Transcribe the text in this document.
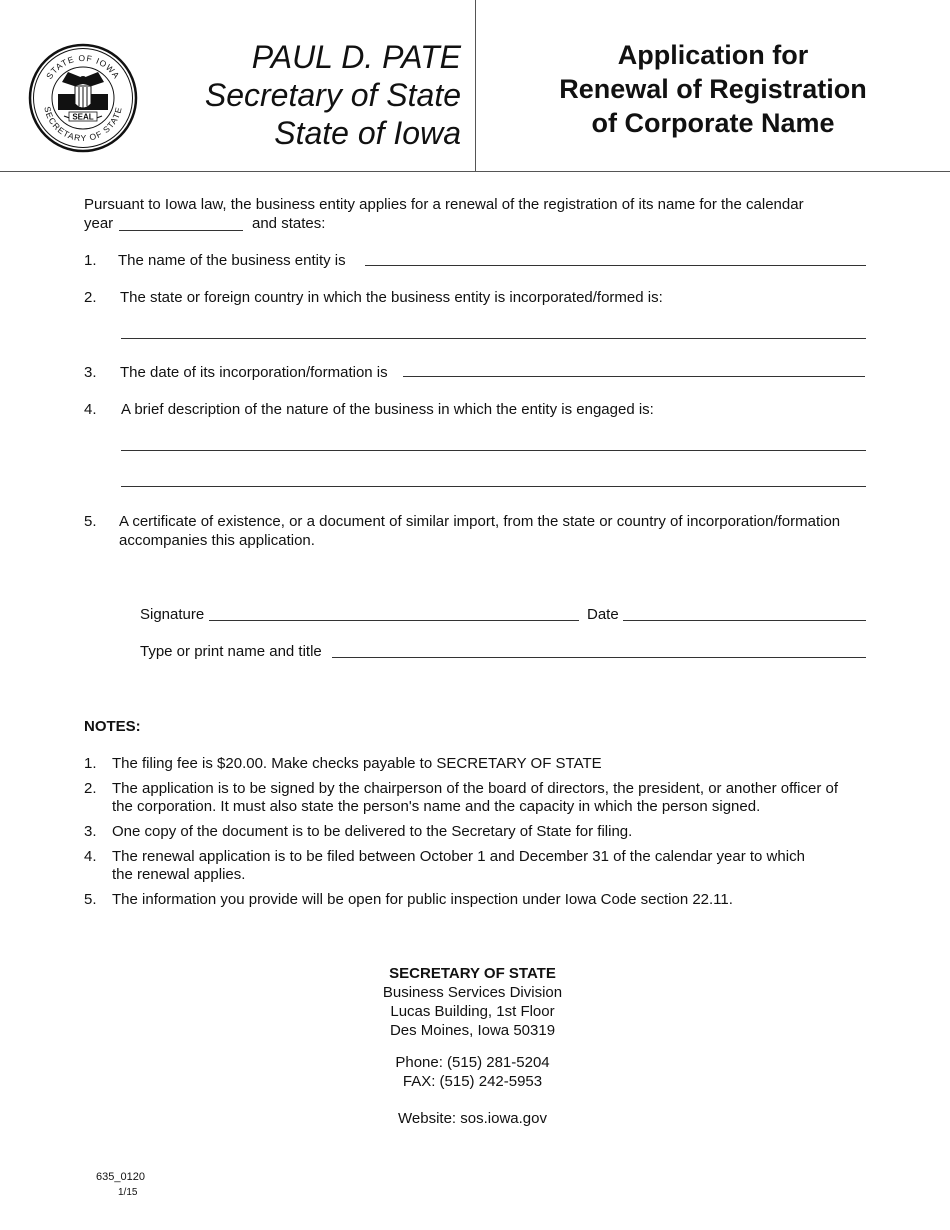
STATE OF IOWA
SECRETARY OF STATE
SEAL
PAUL D. PATE
Secretary of State
State of Iowa
Application for
Renewal of Registration
of Corporate Name
Pursuant to Iowa law, the business entity applies for a renewal of the registration of its name for the calendar
year	and states:
1. The name of the business entity is
2. The state or foreign country in which the business entity is incorporated/formed is:
3. The date of its incorporation/formation is
4. A brief description of the nature of the business in which the entity is engaged is:
5. A certificate of existence, or a document of similar import, from the state or country of incorporation/formation
accompanies this application.
Signature	Date
Type or print name and title
NOTES:
1. The filing fee is $20.00. Make checks payable to SECRETARY OF STATE
2. The application is to be signed by the chairperson of the board of directors, the president, or another officer of
the corporation. It must also state the person's name and the capacity in which the person signed.
3. One copy of the document is to be delivered to the Secretary of State for filing.
4. The renewal application is to be filed between October 1 and December 31 of the calendar year to which
the renewal applies.
5. The information you provide will be open for public inspection under Iowa Code section 22.11.
SECRETARY OF STATE
Business Services Division
Lucas Building, 1st Floor
Des Moines, Iowa 50319
Phone: (515) 281-5204
FAX: (515) 242-5953
Website: sos.iowa.gov
635_0120
1/15
